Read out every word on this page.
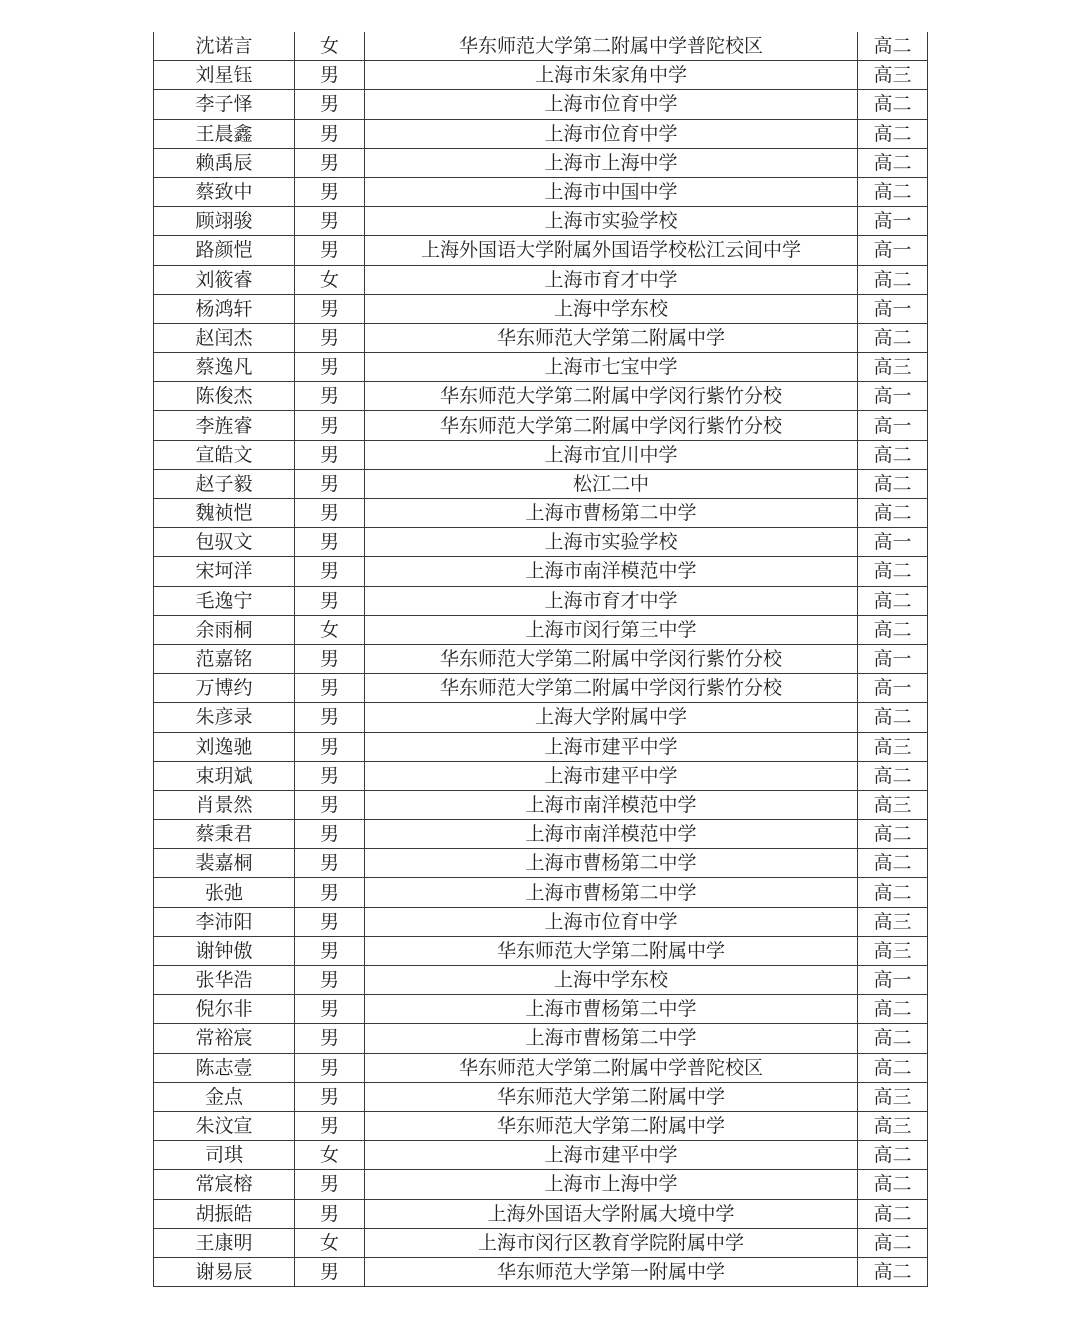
沈诺言	女	华东师范大学第二附属中学普陀校区	高二
刘星钰	男	上海市朱家角中学	高三
李子怿	男	上海市位育中学	高二
王晨鑫	男	上海市位育中学	高二
赖禹辰	男	上海市上海中学	高二
蔡致中	男	上海市中国中学	高二
顾翊骏	男	上海市实验学校	高一
路颜恺	男	上海外国语大学附属外国语学校松江云间中学	高一
刘筱睿	女	上海市育才中学	高二
杨鸿轩	男	上海中学东校	高一
赵闰杰	男	华东师范大学第二附属中学	高二
蔡逸凡	男	上海市七宝中学	高三
陈俊杰	男	华东师范大学第二附属中学闵行紫竹分校	高一
李旌睿	男	华东师范大学第二附属中学闵行紫竹分校	高一
宣皓文	男	上海市宜川中学	高二
赵子毅	男	松江二中	高二
魏祯恺	男	上海市曹杨第二中学	高二
包驭文	男	上海市实验学校	高一
宋坷洋	男	上海市南洋模范中学	高二
毛逸宁	男	上海市育才中学	高二
余雨桐	女	上海市闵行第三中学	高二
范嘉铭	男	华东师范大学第二附属中学闵行紫竹分校	高一
万博约	男	华东师范大学第二附属中学闵行紫竹分校	高一
朱彦录	男	上海大学附属中学	高二
刘逸驰	男	上海市建平中学	高三
束玥斌	男	上海市建平中学	高二
肖景然	男	上海市南洋模范中学	高三
蔡秉君	男	上海市南洋模范中学	高二
裴嘉桐	男	上海市曹杨第二中学	高二
张弛	男	上海市曹杨第二中学	高二
李沛阳	男	上海市位育中学	高三
谢钟傲	男	华东师范大学第二附属中学	高三
张华浩	男	上海中学东校	高一
倪尔非	男	上海市曹杨第二中学	高二
常裕宸	男	上海市曹杨第二中学	高二
陈志壹	男	华东师范大学第二附属中学普陀校区	高二
金点	男	华东师范大学第二附属中学	高三
朱汶宣	男	华东师范大学第二附属中学	高三
司琪	女	上海市建平中学	高二
常宸榕	男	上海市上海中学	高二
胡振皓	男	上海外国语大学附属大境中学	高二
王康明	女	上海市闵行区教育学院附属中学	高二
谢易辰	男	华东师范大学第一附属中学	高二
